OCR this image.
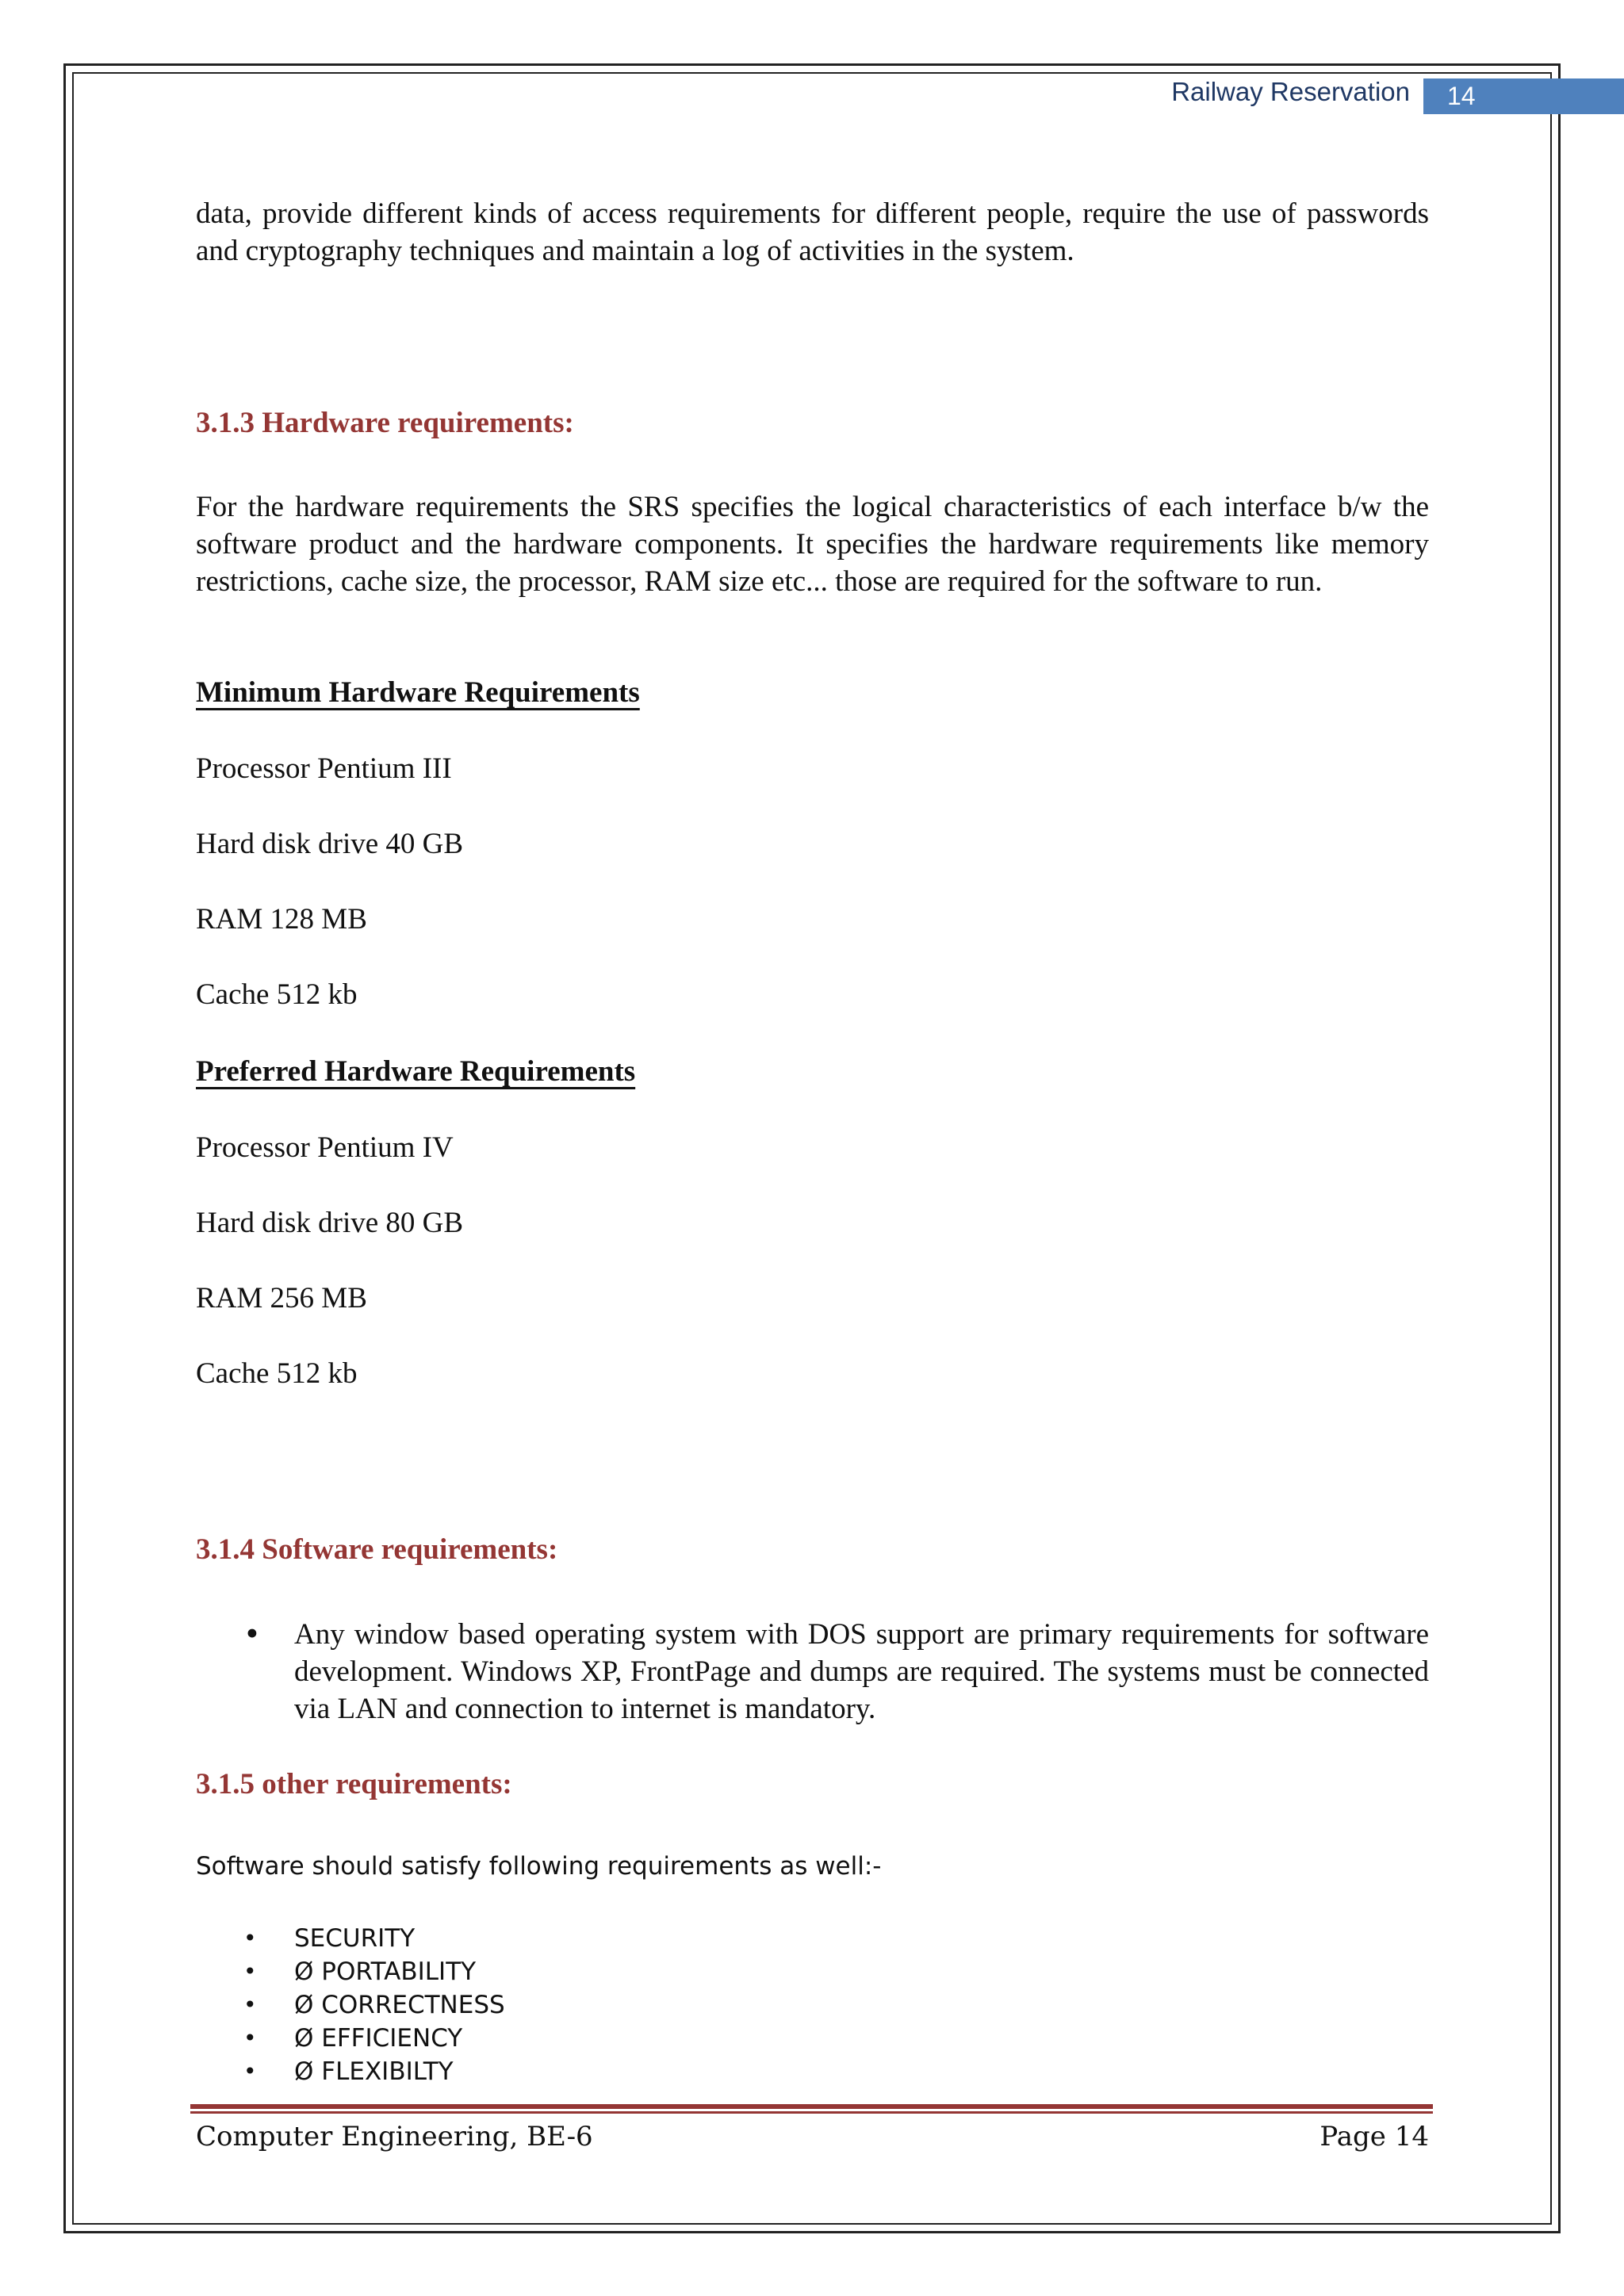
Railway Reservation	14

data, provide different kinds of access requirements for different people, require the use of passwords and cryptography techniques and maintain a log of activities in the system.

3.1.3 Hardware requirements:

For the hardware requirements the SRS specifies the logical characteristics of each interface b/w the software product and the hardware components. It specifies the hardware requirements like memory restrictions, cache size, the processor, RAM size etc... those are required for the software to run.

Minimum Hardware Requirements

Processor Pentium III

Hard disk drive 40 GB

RAM 128 MB

Cache 512 kb

Preferred Hardware Requirements

Processor Pentium IV

Hard disk drive 80 GB

RAM 256 MB

Cache 512 kb

3.1.4 Software requirements:
• Any window based operating system with DOS support are primary requirements for software development. Windows XP, FrontPage and dumps are required. The systems must be connected via LAN and connection to internet is mandatory.
3.1.5 other requirements:

Software should satisfy following requirements as well:-

• SECURITY
• Ø PORTABILITY
• Ø CORRECTNESS
• Ø EFFICIENCY
• Ø FLEXIBILTY

Computer Engineering, BE-6	Page 14
